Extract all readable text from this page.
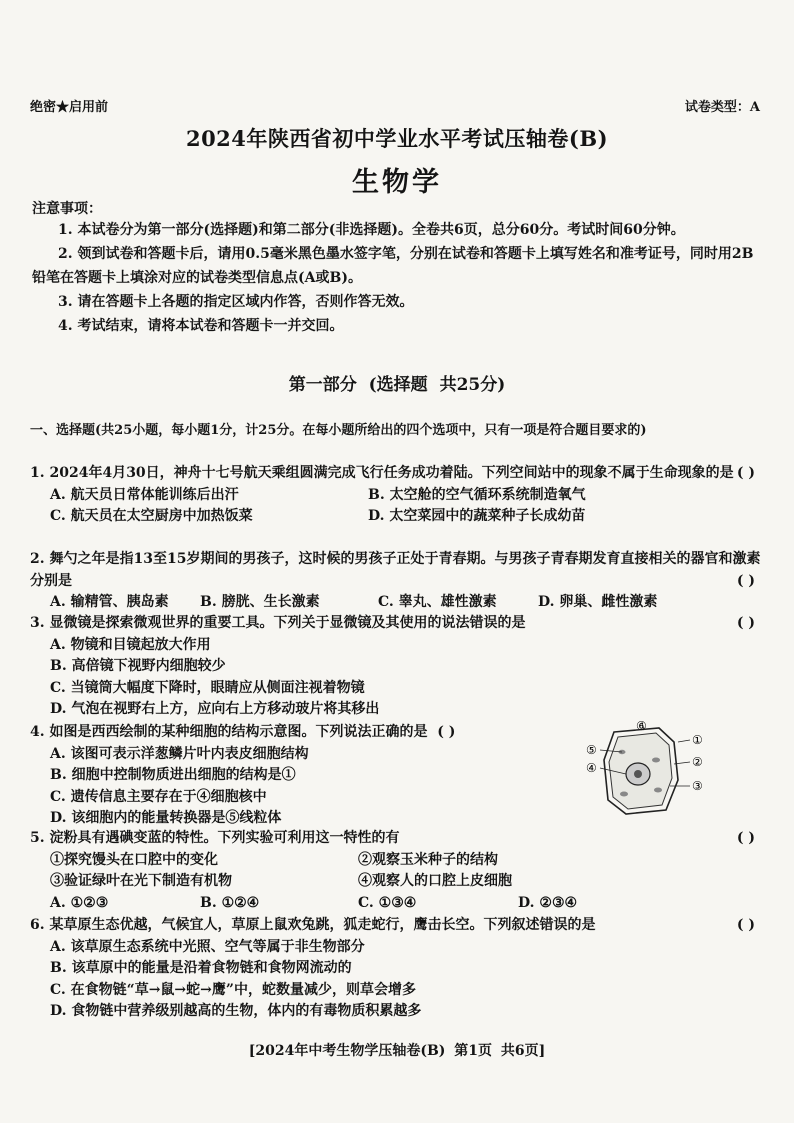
绝密★启用前	试卷类型：A
2024年陕西省初中学业水平考试压轴卷(B)
生物学
注意事项：

1. 本试卷分为第一部分(选择题)和第二部分(非选择题)。全卷共6页，总分60分。考试时间60分钟。

2. 领到试卷和答题卡后，请用0.5毫米黑色墨水签字笔，分别在试卷和答题卡上填写姓名和准考证号，同时用2B铅笔在答题卡上填涂对应的试卷类型信息点(A或B)。

3. 请在答题卡上各题的指定区域内作答，否则作答无效。

4. 考试结束，请将本试卷和答题卡一并交回。

第一部分 (选择题 共25分)
一、选择题(共25小题，每小题1分，计25分。在每小题所给出的四个选项中，只有一项是符合题目要求的)
1. 2024年4月30日，神舟十七号航天乘组圆满完成飞行任务成功着陆。下列空间站中的现象不属于生命现象的是 ( )
A. 航天员日常体能训练后出汗	B. 太空舱的空气循环系统制造氧气
C. 航天员在太空厨房中加热饭菜	D. 太空菜园中的蔬菜种子长成幼苗
2. 舞勺之年是指13至15岁期间的男孩子，这时候的男孩子正处于青春期。与男孩子青春期发育直接相关的器官和激素分别是	( )
A. 输精管、胰岛素	B. 膀胱、生长激素	C. 睾丸、雄性激素	D. 卵巢、雌性激素
3. 显微镜是探索微观世界的重要工具。下列关于显微镜及其使用的说法错误的是	( )
A. 物镜和目镜起放大作用
B. 高倍镜下视野内细胞较少
C. 当镜筒大幅度下降时，眼睛应从侧面注视着物镜
D. 气泡在视野右上方，应向右上方移动玻片将其移出
4. 如图是西西绘制的某种细胞的结构示意图。下列说法正确的是 ( )
A. 该图可表示洋葱鳞片叶内表皮细胞结构
B. 细胞中控制物质进出细胞的结构是①
C. 遗传信息主要存在于④细胞核中
D. 该细胞内的能量转换器是⑤线粒体
①
②
③
④
⑤
⑥
5. 淀粉具有遇碘变蓝的特性。下列实验可利用这一特性的有	( )
①探究馒头在口腔中的变化	②观察玉米种子的结构
③验证绿叶在光下制造有机物	④观察人的口腔上皮细胞
A. ①②③	B. ①②④	C. ①③④	D. ②③④
6. 某草原生态优越，气候宜人，草原上鼠欢兔跳，狐走蛇行，鹰击长空。下列叙述错误的是	( )
A. 该草原生态系统中光照、空气等属于非生物部分
B. 该草原中的能量是沿着食物链和食物网流动的
C. 在食物链“草→鼠→蛇→鹰”中，蛇数量减少，则草会增多
D. 食物链中营养级别越高的生物，体内的有毒物质积累越多
[2024年中考生物学压轴卷(B) 第1页 共6页]
